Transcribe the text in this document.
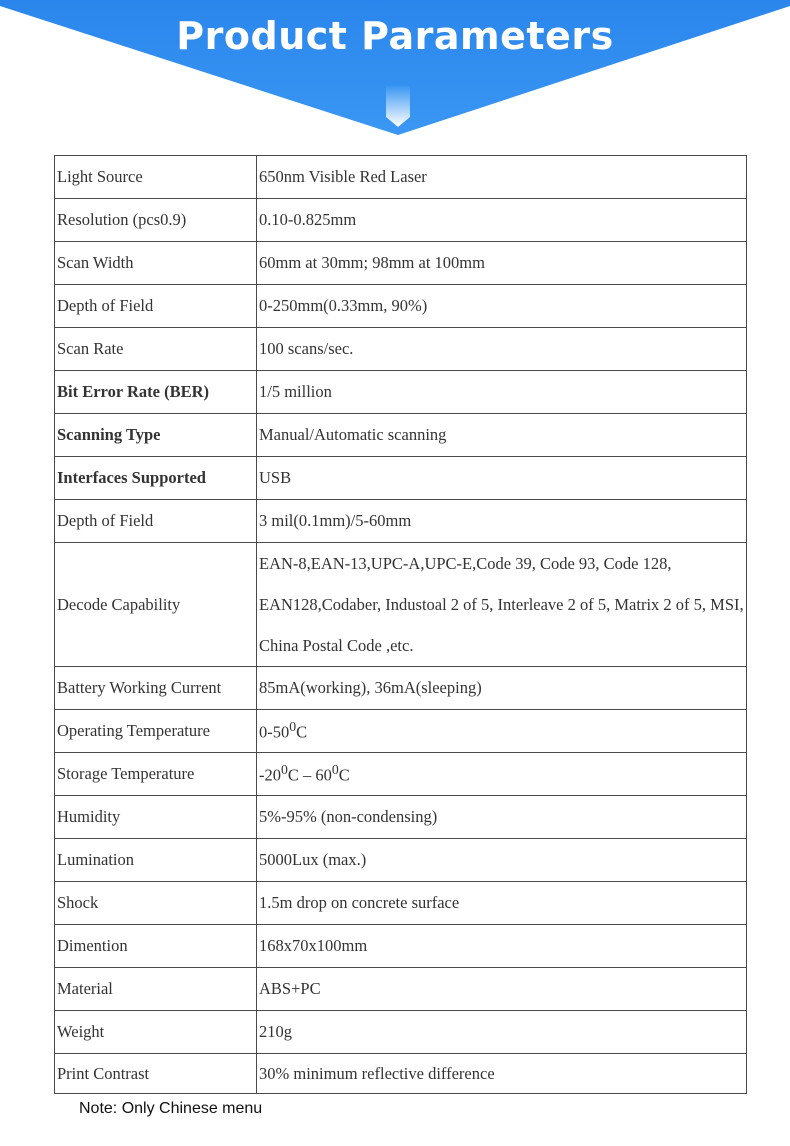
Product Parameters
Light Source	650nm Visible Red Laser
Resolution (pcs0.9)	0.10-0.825mm
Scan Width	60mm at 30mm; 98mm at 100mm
Depth of Field	0-250mm(0.33mm, 90%)
Scan Rate	100 scans/sec.
Bit Error Rate (BER)	1/5 million
Scanning Type	Manual/Automatic scanning
Interfaces Supported	USB
Depth of Field	3 mil(0.1mm)/5-60mm
Decode Capability	EAN-8,EAN-13,UPC-A,UPC-E,Code 39, Code 93, Code 128, EAN128,Codaber, Industoal 2 of 5, Interleave 2 of 5, Matrix 2 of 5, MSI, China Postal Code ,etc.
Battery Working Current	85mA(working), 36mA(sleeping)
Operating Temperature	$0-50^0C$
Storage Temperature	$-20^0C - 60^0C$
Humidity	5%-95% (non-condensing)
Lumination	5000Lux (max.)
Shock	1.5m drop on concrete surface
Dimention	168x70x100mm
Material	ABS+PC
Weight	210g
Print Contrast	30% minimum reflective difference
Note: Only Chinese menu
